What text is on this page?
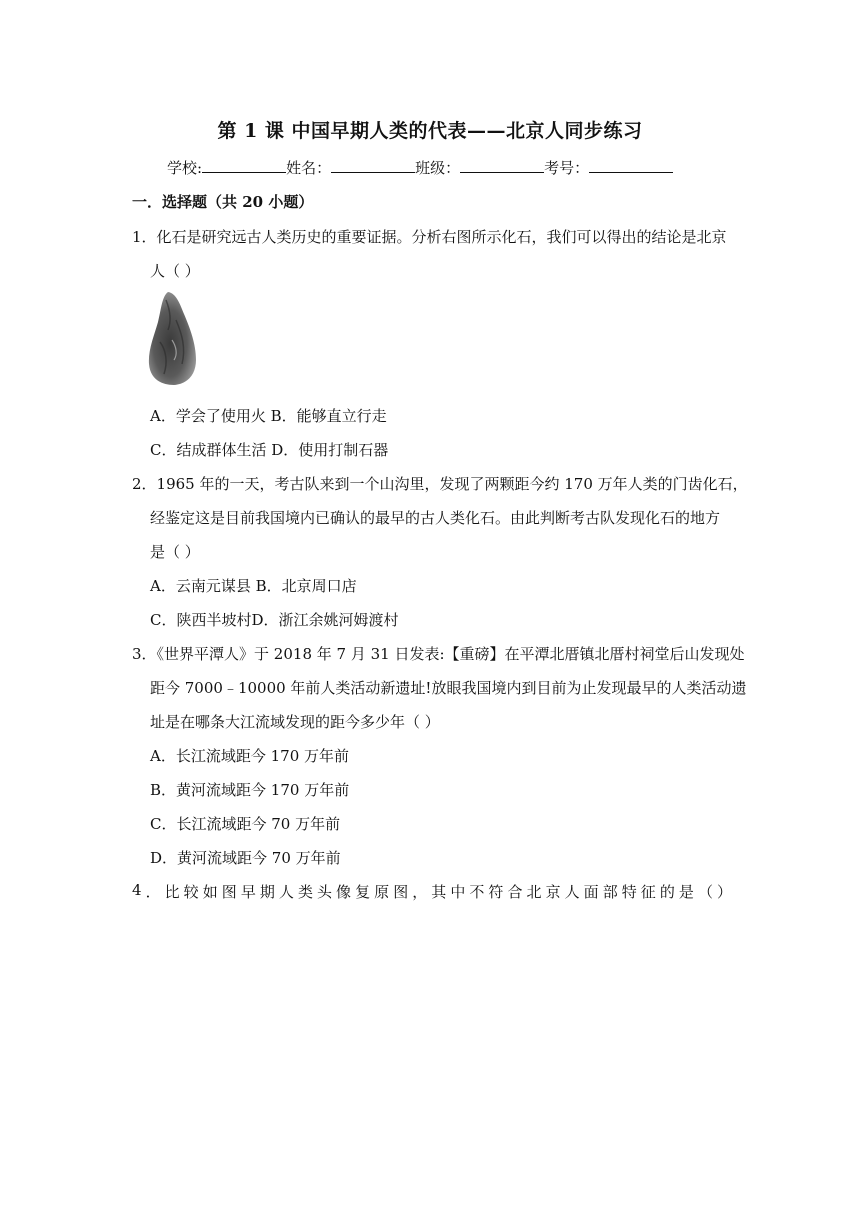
第 1 课 中国早期人类的代表——北京人同步练习
学校:	姓名：	班级：	考号：
一．选择题（共 20 小题）
1．化石是研究远古人类历史的重要证据。分析右图所示化石，我们可以得出的结论是北京
人（ ）
A．学会了使用火 B．能够直立行走
C．结成群体生活 D．使用打制石器
2．1965 年的一天，考古队来到一个山沟里，发现了两颗距今约 170 万年人类的门齿化石，
经鉴定这是目前我国境内已确认的最早的古人类化石。由此判断考古队发现化石的地方
是（ ）
A．云南元谋县 B．北京周口店
C．陕西半坡村D．浙江余姚河姆渡村
3．《世界平潭人》于 2018 年 7 月 31 日发表:【重磅】在平潭北厝镇北厝村祠堂后山发现处
距今 7000﹣10000 年前人类活动新遗址!放眼我国境内到目前为止发现最早的人类活动遗
址是在哪条大江流域发现的距今多少年（ ）
A．长江流域距今 170 万年前
B．黄河流域距今 170 万年前
C．长江流域距今 70 万年前
D．黄河流域距今 70 万年前
4 ． 比 较 如 图 早 期 人 类 头 像 复 原 图 ， 其 中 不 符 合 北 京 人 面 部 特 征 的 是 （ ）
